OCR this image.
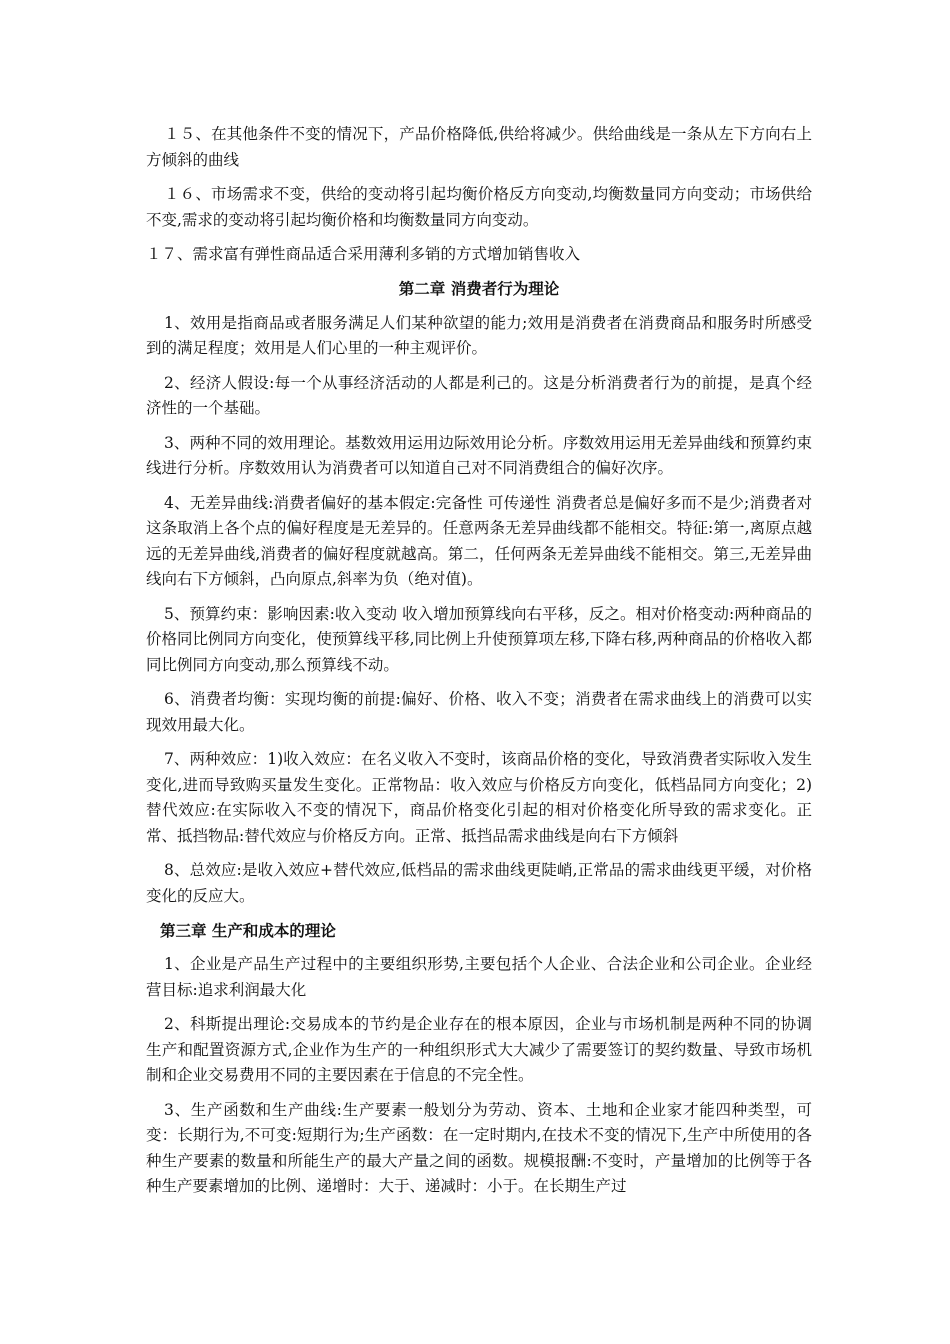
１５、在其他条件不变的情况下，产品价格降低,供给将减少。供给曲线是一条从左下方向右上方倾斜的曲线

１６、市场需求不变，供给的变动将引起均衡价格反方向变动,均衡数量同方向变动；市场供给不变,需求的变动将引起均衡价格和均衡数量同方向变动。

１７、需求富有弹性商品适合采用薄利多销的方式增加销售收入

第二章 消费者行为理论

1、效用是指商品或者服务满足人们某种欲望的能力;效用是消费者在消费商品和服务时所感受到的满足程度；效用是人们心里的一种主观评价。

2、经济人假设:每一个从事经济活动的人都是利己的。这是分析消费者行为的前提，是真个经济性的一个基础。

3、两种不同的效用理论。基数效用运用边际效用论分析。序数效用运用无差异曲线和预算约束线进行分析。序数效用认为消费者可以知道自己对不同消费组合的偏好次序。

4、无差异曲线:消费者偏好的基本假定:完备性 可传递性 消费者总是偏好多而不是少;消费者对这条取消上各个点的偏好程度是无差异的。任意两条无差异曲线都不能相交。特征:第一,离原点越远的无差异曲线,消费者的偏好程度就越高。第二，任何两条无差异曲线不能相交。第三,无差异曲线向右下方倾斜，凸向原点,斜率为负（绝对值)。

5、预算约束：影响因素:收入变动 收入增加预算线向右平移，反之。相对价格变动:两种商品的价格同比例同方向变化，使预算线平移,同比例上升使预算项左移,下降右移,两种商品的价格收入都同比例同方向变动,那么预算线不动。

6、消费者均衡：实现均衡的前提:偏好、价格、收入不变；消费者在需求曲线上的消费可以实现效用最大化。

7、两种效应：1)收入效应：在名义收入不变时，该商品价格的变化，导致消费者实际收入发生变化,进而导致购买量发生变化。正常物品：收入效应与价格反方向变化，低档品同方向变化；2)替代效应:在实际收入不变的情况下，商品价格变化引起的相对价格变化所导致的需求变化。正常、抵挡物品:替代效应与价格反方向。正常、抵挡品需求曲线是向右下方倾斜

8、总效应:是收入效应+替代效应,低档品的需求曲线更陡峭,正常品的需求曲线更平缓，对价格变化的反应大。

第三章 生产和成本的理论

1、企业是产品生产过程中的主要组织形势,主要包括个人企业、合法企业和公司企业。企业经营目标:追求利润最大化

2、科斯提出理论:交易成本的节约是企业存在的根本原因，企业与市场机制是两种不同的协调生产和配置资源方式,企业作为生产的一种组织形式大大减少了需要签订的契约数量、导致市场机制和企业交易费用不同的主要因素在于信息的不完全性。

3、生产函数和生产曲线:生产要素一般划分为劳动、资本、土地和企业家才能四种类型，可变：长期行为,不可变:短期行为;生产函数：在一定时期内,在技术不变的情况下,生产中所使用的各种生产要素的数量和所能生产的最大产量之间的函数。规模报酬:不变时，产量增加的比例等于各种生产要素增加的比例、递增时：大于、递减时：小于。在长期生产过
